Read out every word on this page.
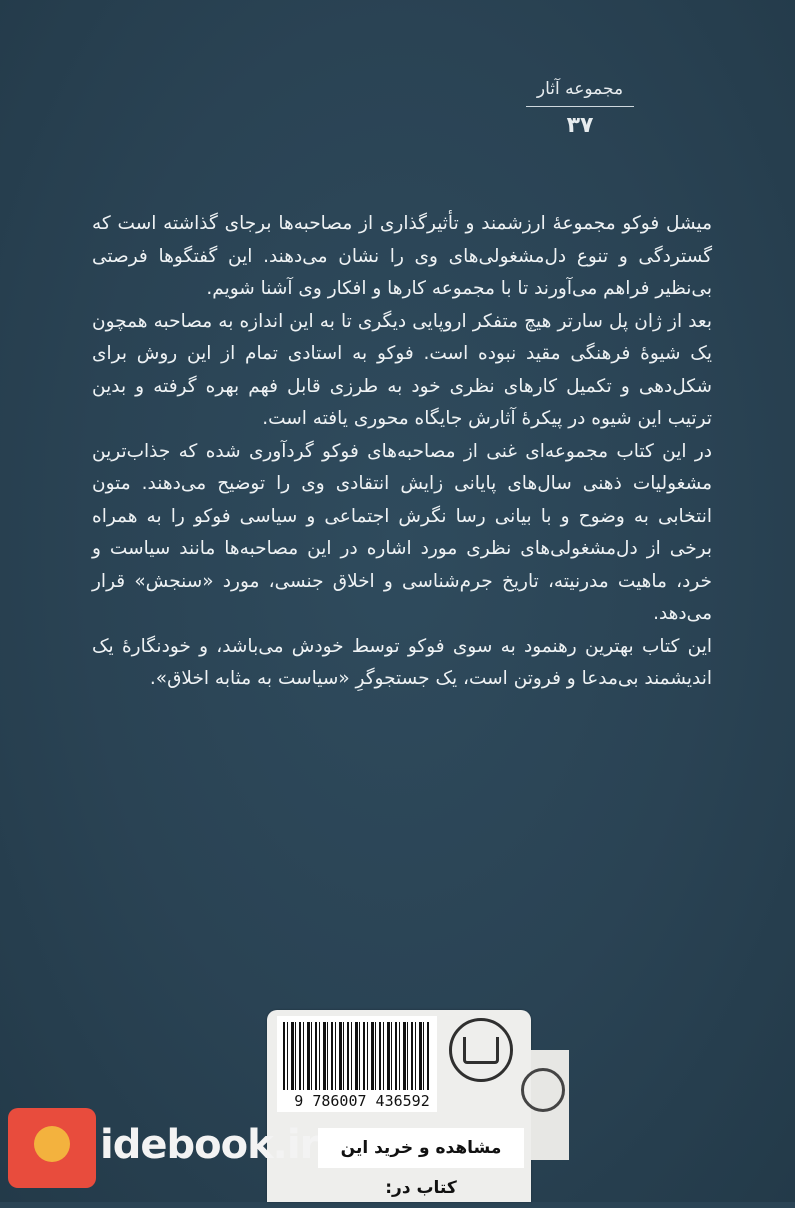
مجموعه آثار
۳۷

میشل فوکو مجموعهٔ ارزشمند و تأثیرگذاری از مصاحبه‌ها برجای گذاشته است که گستردگی و تنوع دل‌مشغولی‌های وی را نشان می‌دهند. این گفتگوها فرصتی بی‌نظیر فراهم می‌آورند تا با مجموعه کارها و افکار وی آشنا شویم.

بعد از ژان پل سارتر هیچ متفکر اروپایی دیگری تا به این اندازه به مصاحبه همچون یک شیوهٔ فرهنگی مقید نبوده است. فوکو به استادی تمام از این روش برای شکل‌دهی و تکمیل کارهای نظری خود به طرزی قابل فهم بهره گرفته و بدین ترتیب این شیوه در پیکرهٔ آثارش جایگاه محوری یافته است.

در این کتاب مجموعه‌ای غنی از مصاحبه‌های فوکو گردآوری شده که جذاب‌ترین مشغولیات ذهنی سال‌های پایانی زایش انتقادی وی را توضیح می‌دهند. متون انتخابی به وضوح و با بیانی رسا نگرش اجتماعی و سیاسی فوکو را به همراه برخی از دل‌مشغولی‌های نظری مورد اشاره در این مصاحبه‌ها مانند سیاست و خرد، ماهیت مدرنیته، تاریخ جرم‌شناسی و اخلاق جنسی، مورد «سنجش» قرار می‌دهد.

این کتاب بهترین رهنمود به سوی فوکو توسط خودش می‌باشد، و خودنگارهٔ یک اندیشمند بی‌مدعا و فروتن است، یک جستجوگرِ «سیاست به مثابه اخلاق».

9 786007 436592
idebook.ir	مشاهده و خرید این کتاب در:
